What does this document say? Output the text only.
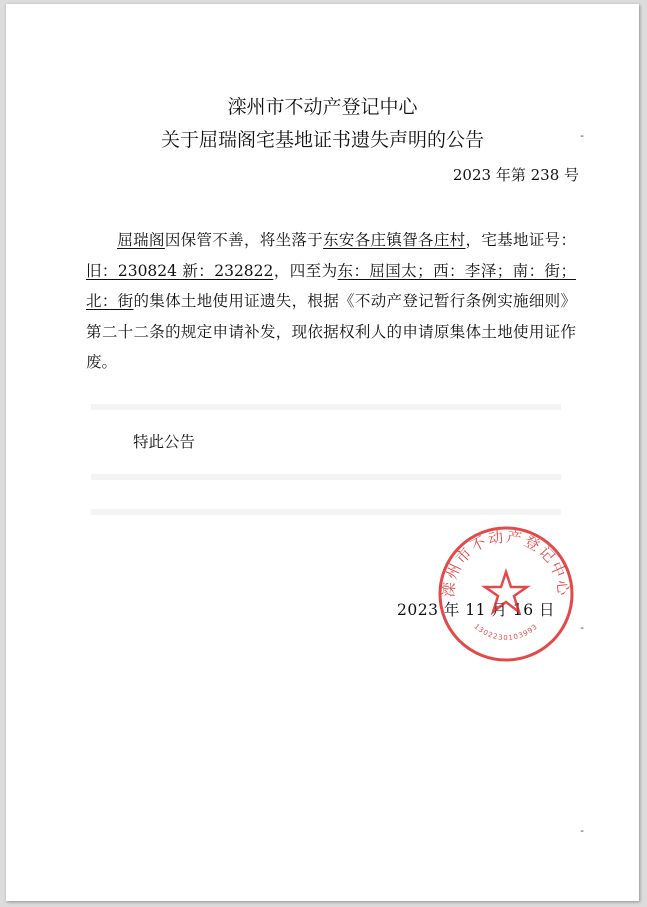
滦州市不动产登记中心
关于屈瑞阁宅基地证书遗失声明的公告
2023 年第 238 号
屈瑞阁因保管不善，将坐落于东安各庄镇眢各庄村，宅基地证号：旧：230824 新：232822，四至为东：屈国太；西：李泽；南：街；北：街的集体土地使用证遗失，根据《不动产登记暂行条例实施细则》第二十二条的规定申请补发，现依据权利人的申请原集体土地使用证作废。
特此公告
2023 年 11 月 16 日
滦州市不动产登记中心
1302230103993
-
-
-
